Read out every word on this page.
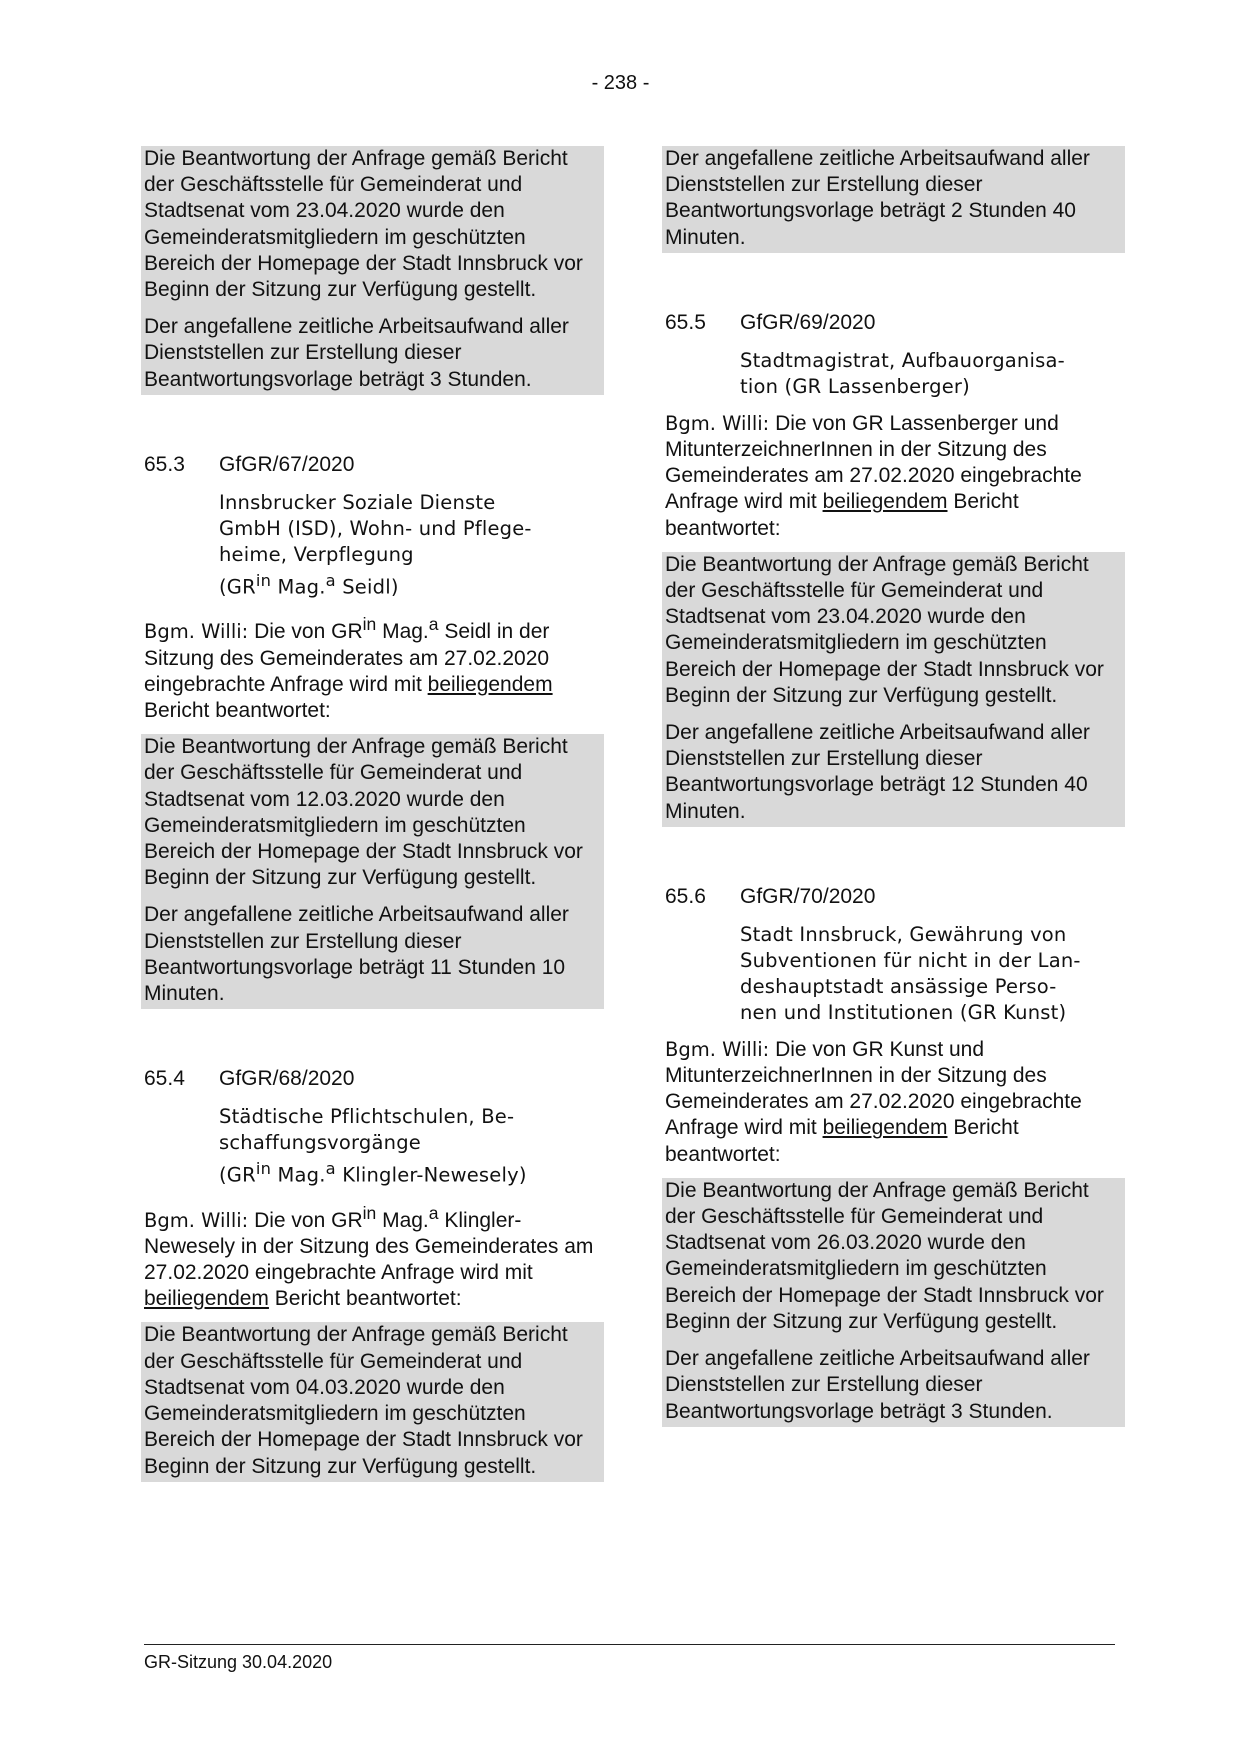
- 238 -

Die Beantwortung der Anfrage gemäß Bericht der Geschäftsstelle für Gemeinderat und Stadtsenat vom 23.04.2020 wurde den Gemeinderatsmitgliedern im geschützten Bereich der Homepage der Stadt Innsbruck vor Beginn der Sitzung zur Verfügung gestellt.

Der angefallene zeitliche Arbeitsaufwand aller Dienststellen zur Erstellung dieser Beantwortungsvorlage beträgt 3 Stunden.

65.3	GfGR/67/2020
Innsbrucker Soziale Dienste
GmbH (ISD), Wohn- und Pflege-
heime, Verpflegung
($GR^{in}$ Mag.$^a$ Seidl)

Bgm. Willi: Die von $GR^{in}$ Mag.$^a$ Seidl in der Sitzung des Gemeinderates am 27.02.2020 eingebrachte Anfrage wird mit beiliegendem Bericht beantwortet:

Die Beantwortung der Anfrage gemäß Bericht der Geschäftsstelle für Gemeinderat und Stadtsenat vom 12.03.2020 wurde den Gemeinderatsmitgliedern im geschützten Bereich der Homepage der Stadt Innsbruck vor Beginn der Sitzung zur Verfügung gestellt.

Der angefallene zeitliche Arbeitsaufwand aller Dienststellen zur Erstellung dieser Beantwortungsvorlage beträgt 11 Stunden 10 Minuten.

65.4	GfGR/68/2020
Städtische Pflichtschulen, Be-
schaffungsvorgänge
($GR^{in}$ Mag.$^a$ Klingler-Newesely)

Bgm. Willi: Die von $GR^{in}$ Mag.$^a$ Klingler-Newesely in der Sitzung des Gemeinderates am 27.02.2020 eingebrachte Anfrage wird mit beiliegendem Bericht beantwortet:

Die Beantwortung der Anfrage gemäß Bericht der Geschäftsstelle für Gemeinderat und Stadtsenat vom 04.03.2020 wurde den Gemeinderatsmitgliedern im geschützten Bereich der Homepage der Stadt Innsbruck vor Beginn der Sitzung zur Verfügung gestellt.

Der angefallene zeitliche Arbeitsaufwand aller Dienststellen zur Erstellung dieser Beantwortungsvorlage beträgt 2 Stunden 40 Minuten.

65.5	GfGR/69/2020
Stadtmagistrat, Aufbauorganisa-
tion (GR Lassenberger)

Bgm. Willi: Die von GR Lassenberger und MitunterzeichnerInnen in der Sitzung des Gemeinderates am 27.02.2020 eingebrachte Anfrage wird mit beiliegendem Bericht beantwortet:

Die Beantwortung der Anfrage gemäß Bericht der Geschäftsstelle für Gemeinderat und Stadtsenat vom 23.04.2020 wurde den Gemeinderatsmitgliedern im geschützten Bereich der Homepage der Stadt Innsbruck vor Beginn der Sitzung zur Verfügung gestellt.

Der angefallene zeitliche Arbeitsaufwand aller Dienststellen zur Erstellung dieser Beantwortungsvorlage beträgt 12 Stunden 40 Minuten.

65.6	GfGR/70/2020
Stadt Innsbruck, Gewährung von
Subventionen für nicht in der Lan-
deshauptstadt ansässige Perso-
nen und Institutionen (GR Kunst)

Bgm. Willi: Die von GR Kunst und MitunterzeichnerInnen in der Sitzung des Gemeinderates am 27.02.2020 eingebrachte Anfrage wird mit beiliegendem Bericht beantwortet:

Die Beantwortung der Anfrage gemäß Bericht der Geschäftsstelle für Gemeinderat und Stadtsenat vom 26.03.2020 wurde den Gemeinderatsmitgliedern im geschützten Bereich der Homepage der Stadt Innsbruck vor Beginn der Sitzung zur Verfügung gestellt.

Der angefallene zeitliche Arbeitsaufwand aller Dienststellen zur Erstellung dieser Beantwortungsvorlage beträgt 3 Stunden.

GR-Sitzung 30.04.2020
